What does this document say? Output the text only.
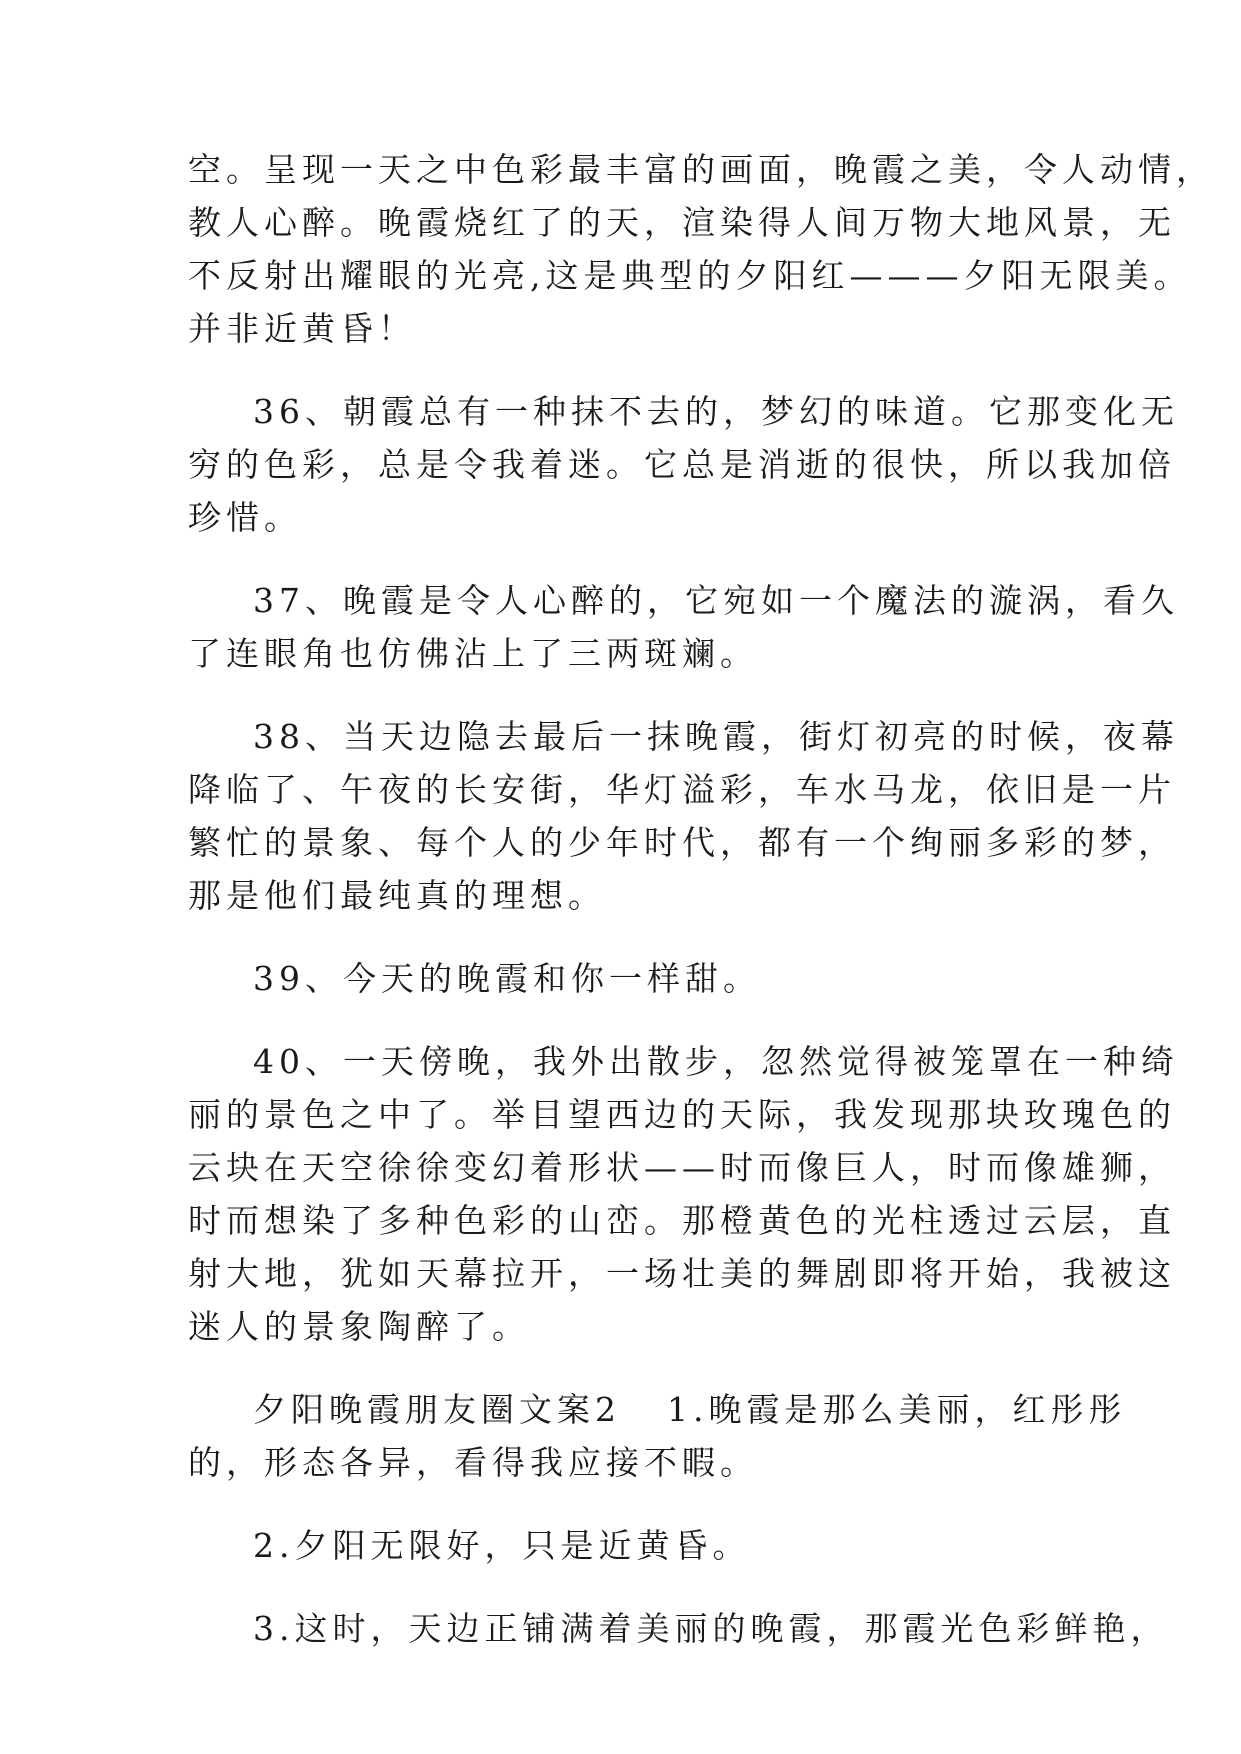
空。呈现一天之中色彩最丰富的画面，晚霞之美，令人动情，

教人心醉。晚霞烧红了的天，渲染得人间万物大地风景，无

不反射出耀眼的光亮,这是典型的夕阳红———夕阳无限美。

并非近黄昏！

36、朝霞总有一种抹不去的，梦幻的味道。它那变化无

穷的色彩，总是令我着迷。它总是消逝的很快，所以我加倍

珍惜。

37、晚霞是令人心醉的，它宛如一个魔法的漩涡，看久

了连眼角也仿佛沾上了三两斑斓。

38、当天边隐去最后一抹晚霞，街灯初亮的时候，夜幕

降临了、午夜的长安街，华灯溢彩，车水马龙，依旧是一片

繁忙的景象、每个人的少年时代，都有一个绚丽多彩的梦，

那是他们最纯真的理想。

39、今天的晚霞和你一样甜。

40、一天傍晚，我外出散步，忽然觉得被笼罩在一种绮

丽的景色之中了。举目望西边的天际，我发现那块玫瑰色的

云块在天空徐徐变幻着形状——时而像巨人，时而像雄狮，

时而想染了多种色彩的山峦。那橙黄色的光柱透过云层，直

射大地，犹如天幕拉开，一场壮美的舞剧即将开始，我被这

迷人的景象陶醉了。

夕阳晚霞朋友圈文案2 1.晚霞是那么美丽，红彤彤

的，形态各异，看得我应接不暇。

2.夕阳无限好，只是近黄昏。

3.这时，天边正铺满着美丽的晚霞，那霞光色彩鲜艳，
